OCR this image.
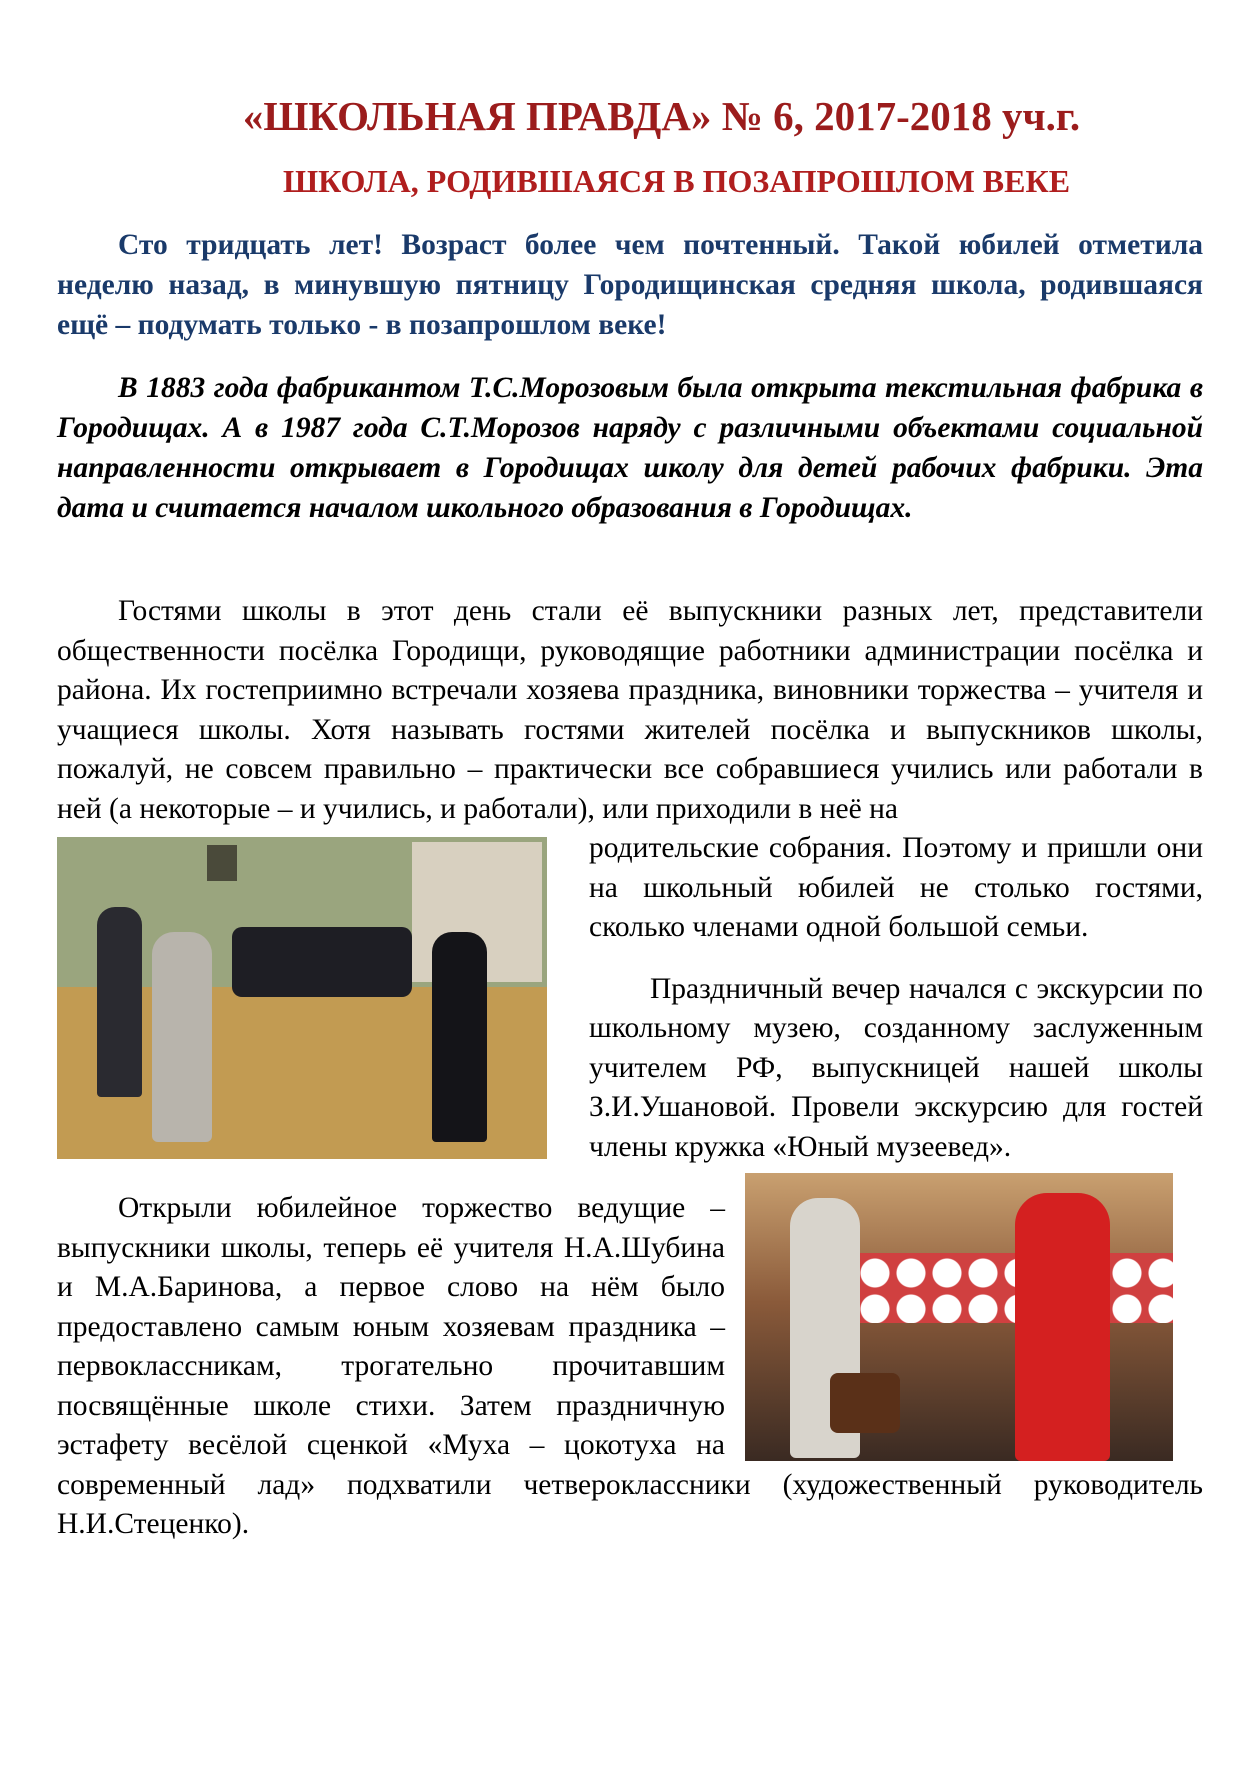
«ШКОЛЬНАЯ ПРАВДА» № 6, 2017-2018 уч.г.
ШКОЛА, РОДИВШАЯСЯ В ПОЗАПРОШЛОМ ВЕКЕ
Сто тридцать лет! Возраст более чем почтенный. Такой юбилей отметила неделю назад, в минувшую пятницу Городищинская средняя школа, родившаяся ещё – подумать только - в позапрошлом веке!
В 1883 года фабрикантом Т.С.Морозовым была открыта текстильная фабрика в Городищах. А в 1987 года С.Т.Морозов наряду с различными объектами социальной направленности открывает в Городищах школу для детей рабочих фабрики. Эта дата и считается началом школьного образования в Городищах.

Гостями школы в этот день стали её выпускники разных лет, представители общественности посёлка Городищи, руководящие работники администрации посёлка и района. Их гостеприимно встречали хозяева праздника, виновники торжества – учителя и учащиеся школы. Хотя называть гостями жителей посёлка и выпускников школы, пожалуй, не совсем правильно – практически все собравшиеся учились или работали в ней (а некоторые – и учились, и работали), или приходили в неё на

родительские собрания. Поэтому и пришли они на школьный юбилей не столько гостями, сколько членами одной большой семьи.

Праздничный вечер начался с экскурсии по школьному музею, созданному заслуженным учителем РФ, выпускницей нашей школы З.И.Ушановой. Провели экскурсию для гостей члены кружка «Юный музеевед».

Открыли юбилейное торжество ведущие – выпускники школы, теперь её учителя Н.А.Шубина и М.А.Баринова, а первое слово на нём было предоставлено самым юным хозяевам праздника – первоклассникам, трогательно прочитавшим посвящённые школе стихи. Затем праздничную эстафету весёлой сценкой «Муха – цокотуха на современный лад» подхватили четвероклассники (художественный руководитель Н.И.Стеценко).
